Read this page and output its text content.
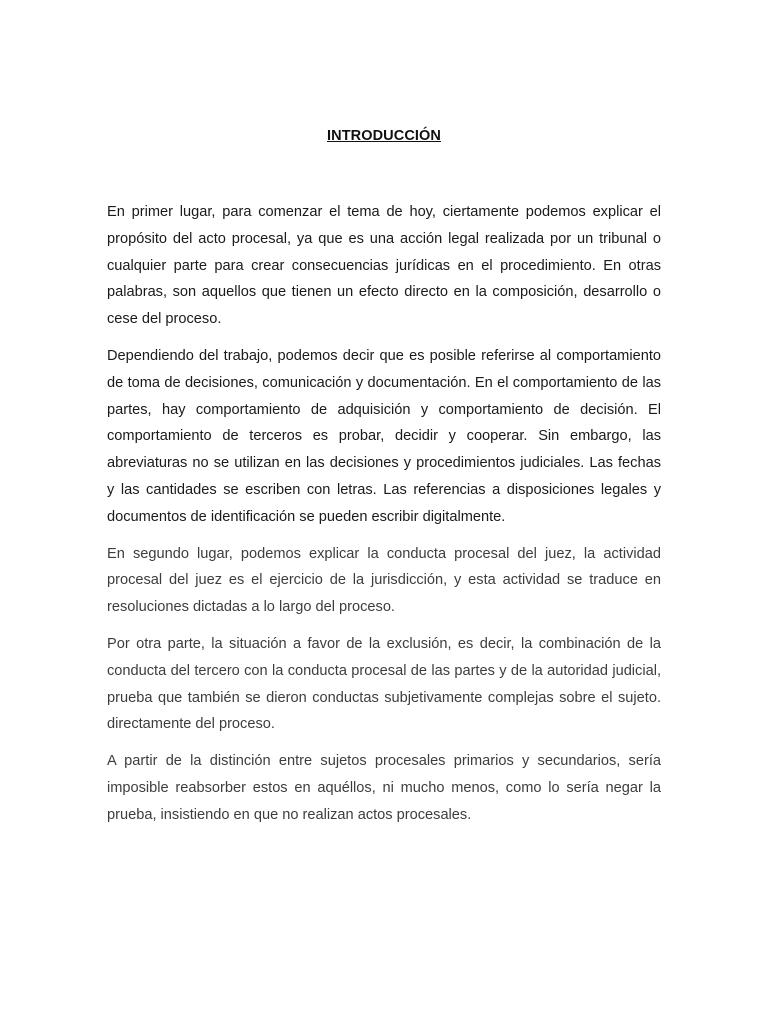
INTRODUCCIÓN

En primer lugar, para comenzar el tema de hoy, ciertamente podemos explicar el propósito del acto procesal, ya que es una acción legal realizada por un tribunal o cualquier parte para crear consecuencias jurídicas en el procedimiento. En otras palabras, son aquellos que tienen un efecto directo en la composición, desarrollo o cese del proceso.

Dependiendo del trabajo, podemos decir que es posible referirse al comportamiento de toma de decisiones, comunicación y documentación. En el comportamiento de las partes, hay comportamiento de adquisición y comportamiento de decisión. El comportamiento de terceros es probar, decidir y cooperar. Sin embargo, las abreviaturas no se utilizan en las decisiones y procedimientos judiciales. Las fechas y las cantidades se escriben con letras. Las referencias a disposiciones legales y documentos de identificación se pueden escribir digitalmente.

En segundo lugar, podemos explicar la conducta procesal del juez, la actividad procesal del juez es el ejercicio de la jurisdicción, y esta actividad se traduce en resoluciones dictadas a lo largo del proceso.

Por otra parte, la situación a favor de la exclusión, es decir, la combinación de la conducta del tercero con la conducta procesal de las partes y de la autoridad judicial, prueba que también se dieron conductas subjetivamente complejas sobre el sujeto. directamente del proceso.

A partir de la distinción entre sujetos procesales primarios y secundarios, sería imposible reabsorber estos en aquéllos, ni mucho menos, como lo sería negar la prueba, insistiendo en que no realizan actos procesales.
